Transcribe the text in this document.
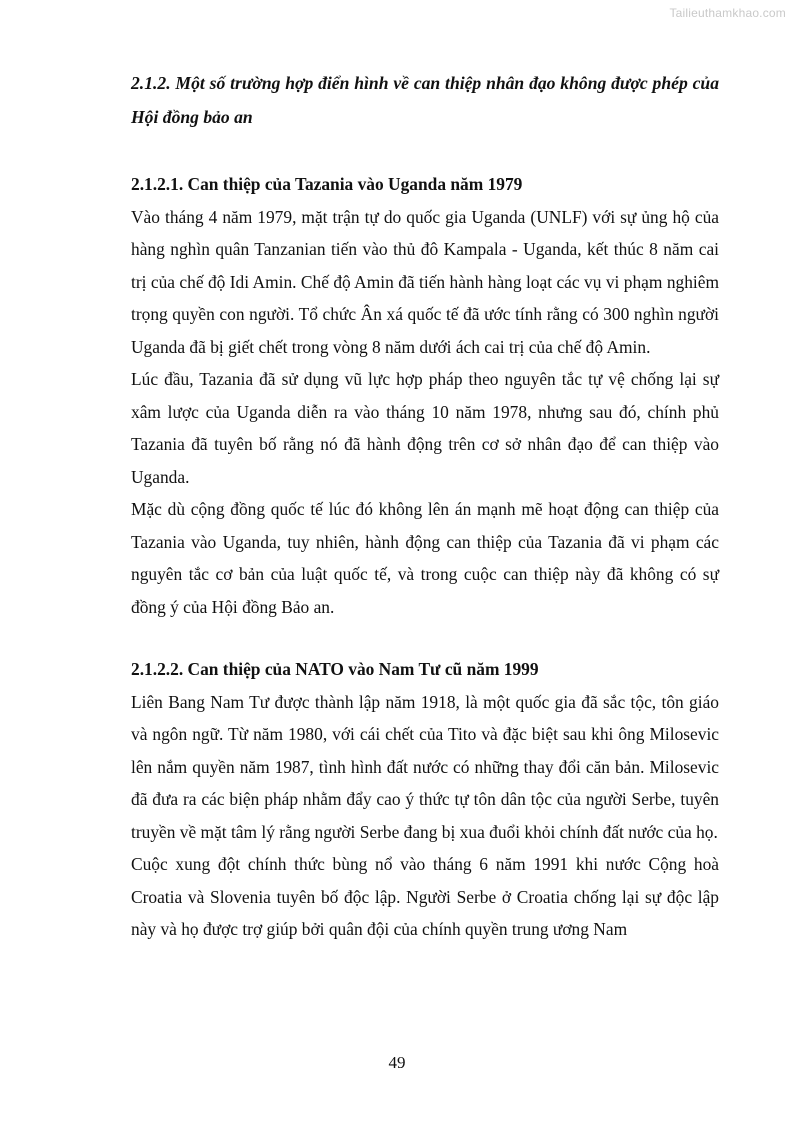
Tailieuthamkhao.com
2.1.2. Một số trường hợp điển hình về can thiệp nhân đạo không được phép của Hội đồng bảo an
2.1.2.1. Can thiệp của Tazania vào Uganda năm 1979

Vào tháng 4 năm 1979, mặt trận tự do quốc gia Uganda (UNLF) với sự ủng hộ của hàng nghìn quân Tanzanian tiến vào thủ đô Kampala - Uganda, kết thúc 8 năm cai trị của chế độ Idi Amin. Chế độ Amin đã tiến hành hàng loạt các vụ vi phạm nghiêm trọng quyền con người. Tổ chức Ân xá quốc tế đã ước tính rằng có 300 nghìn người Uganda đã bị giết chết trong vòng 8 năm dưới ách cai trị của chế độ Amin.

Lúc đầu, Tazania đã sử dụng vũ lực hợp pháp theo nguyên tắc tự vệ chống lại sự xâm lược của Uganda diễn ra vào tháng 10 năm 1978, nhưng sau đó, chính phủ Tazania đã tuyên bố rằng nó đã hành động trên cơ sở nhân đạo để can thiệp vào Uganda.

Mặc dù cộng đồng quốc tế lúc đó không lên án mạnh mẽ hoạt động can thiệp của Tazania vào Uganda, tuy nhiên, hành động can thiệp của Tazania đã vi phạm các nguyên tắc cơ bản của luật quốc tế, và trong cuộc can thiệp này đã không có sự đồng ý của Hội đồng Bảo an.

2.1.2.2. Can thiệp của NATO vào Nam Tư cũ năm 1999

Liên Bang Nam Tư được thành lập năm 1918, là một quốc gia đã sắc tộc, tôn giáo và ngôn ngữ. Từ năm 1980, với cái chết của Tito và đặc biệt sau khi ông Milosevic lên nắm quyền năm 1987, tình hình đất nước có những thay đổi căn bản. Milosevic đã đưa ra các biện pháp nhằm đẩy cao ý thức tự tôn dân tộc của người Serbe, tuyên truyền về mặt tâm lý rằng người Serbe đang bị xua đuổi khỏi chính đất nước của họ.

Cuộc xung đột chính thức bùng nổ vào tháng 6 năm 1991 khi nước Cộng hoà Croatia và Slovenia tuyên bố độc lập. Người Serbe ở Croatia chống lại sự độc lập này và họ được trợ giúp bởi quân đội của chính quyền trung ương Nam

49
